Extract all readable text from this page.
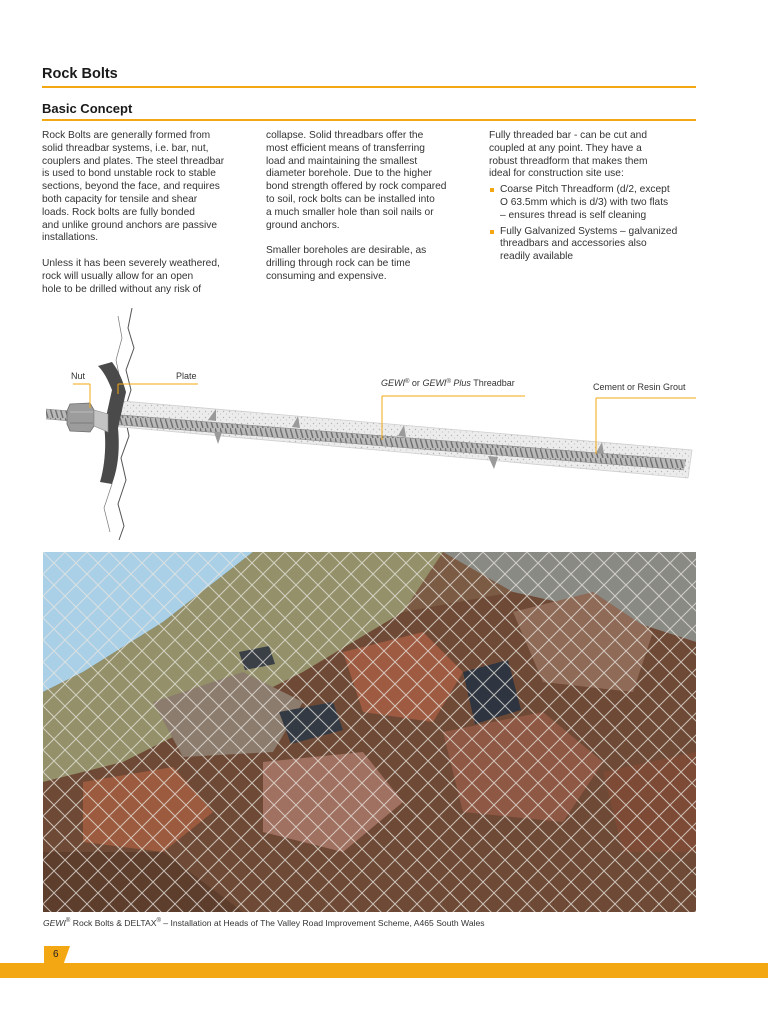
Rock Bolts
Basic Concept

Rock Bolts are generally formed from
solid threadbar systems, i.e. bar, nut,
couplers and plates. The steel threadbar
is used to bond unstable rock to stable
sections, beyond the face, and requires
both capacity for tensile and shear
loads. Rock bolts are fully bonded
and unlike ground anchors are passive
installations.

Unless it has been severely weathered,
rock will usually allow for an open
hole to be drilled without any risk of

collapse. Solid threadbars offer the
most efficient means of transferring
load and maintaining the smallest
diameter borehole. Due to the higher
bond strength offered by rock compared
to soil, rock bolts can be installed into
a much smaller hole than soil nails or
ground anchors.

Smaller boreholes are desirable, as
drilling through rock can be time
consuming and expensive.

Fully threaded bar - can be cut and
coupled at any point. They have a
robust threadform that makes them
ideal for construction site use:

Coarse Pitch Threadform (d/2, except
O 63.5mm which is d/3) with two flats
– ensures thread is self cleaning
Fully Galvanized Systems – galvanized
threadbars and accessories also
readily available
Nut	Plate
GEWI® or GEWI® Plus Threadbar	Cement or Resin Grout
GEWI® Rock Bolts & DELTAX® – Installation at Heads of The Valley Road Improvement Scheme, A465 South Wales
6
